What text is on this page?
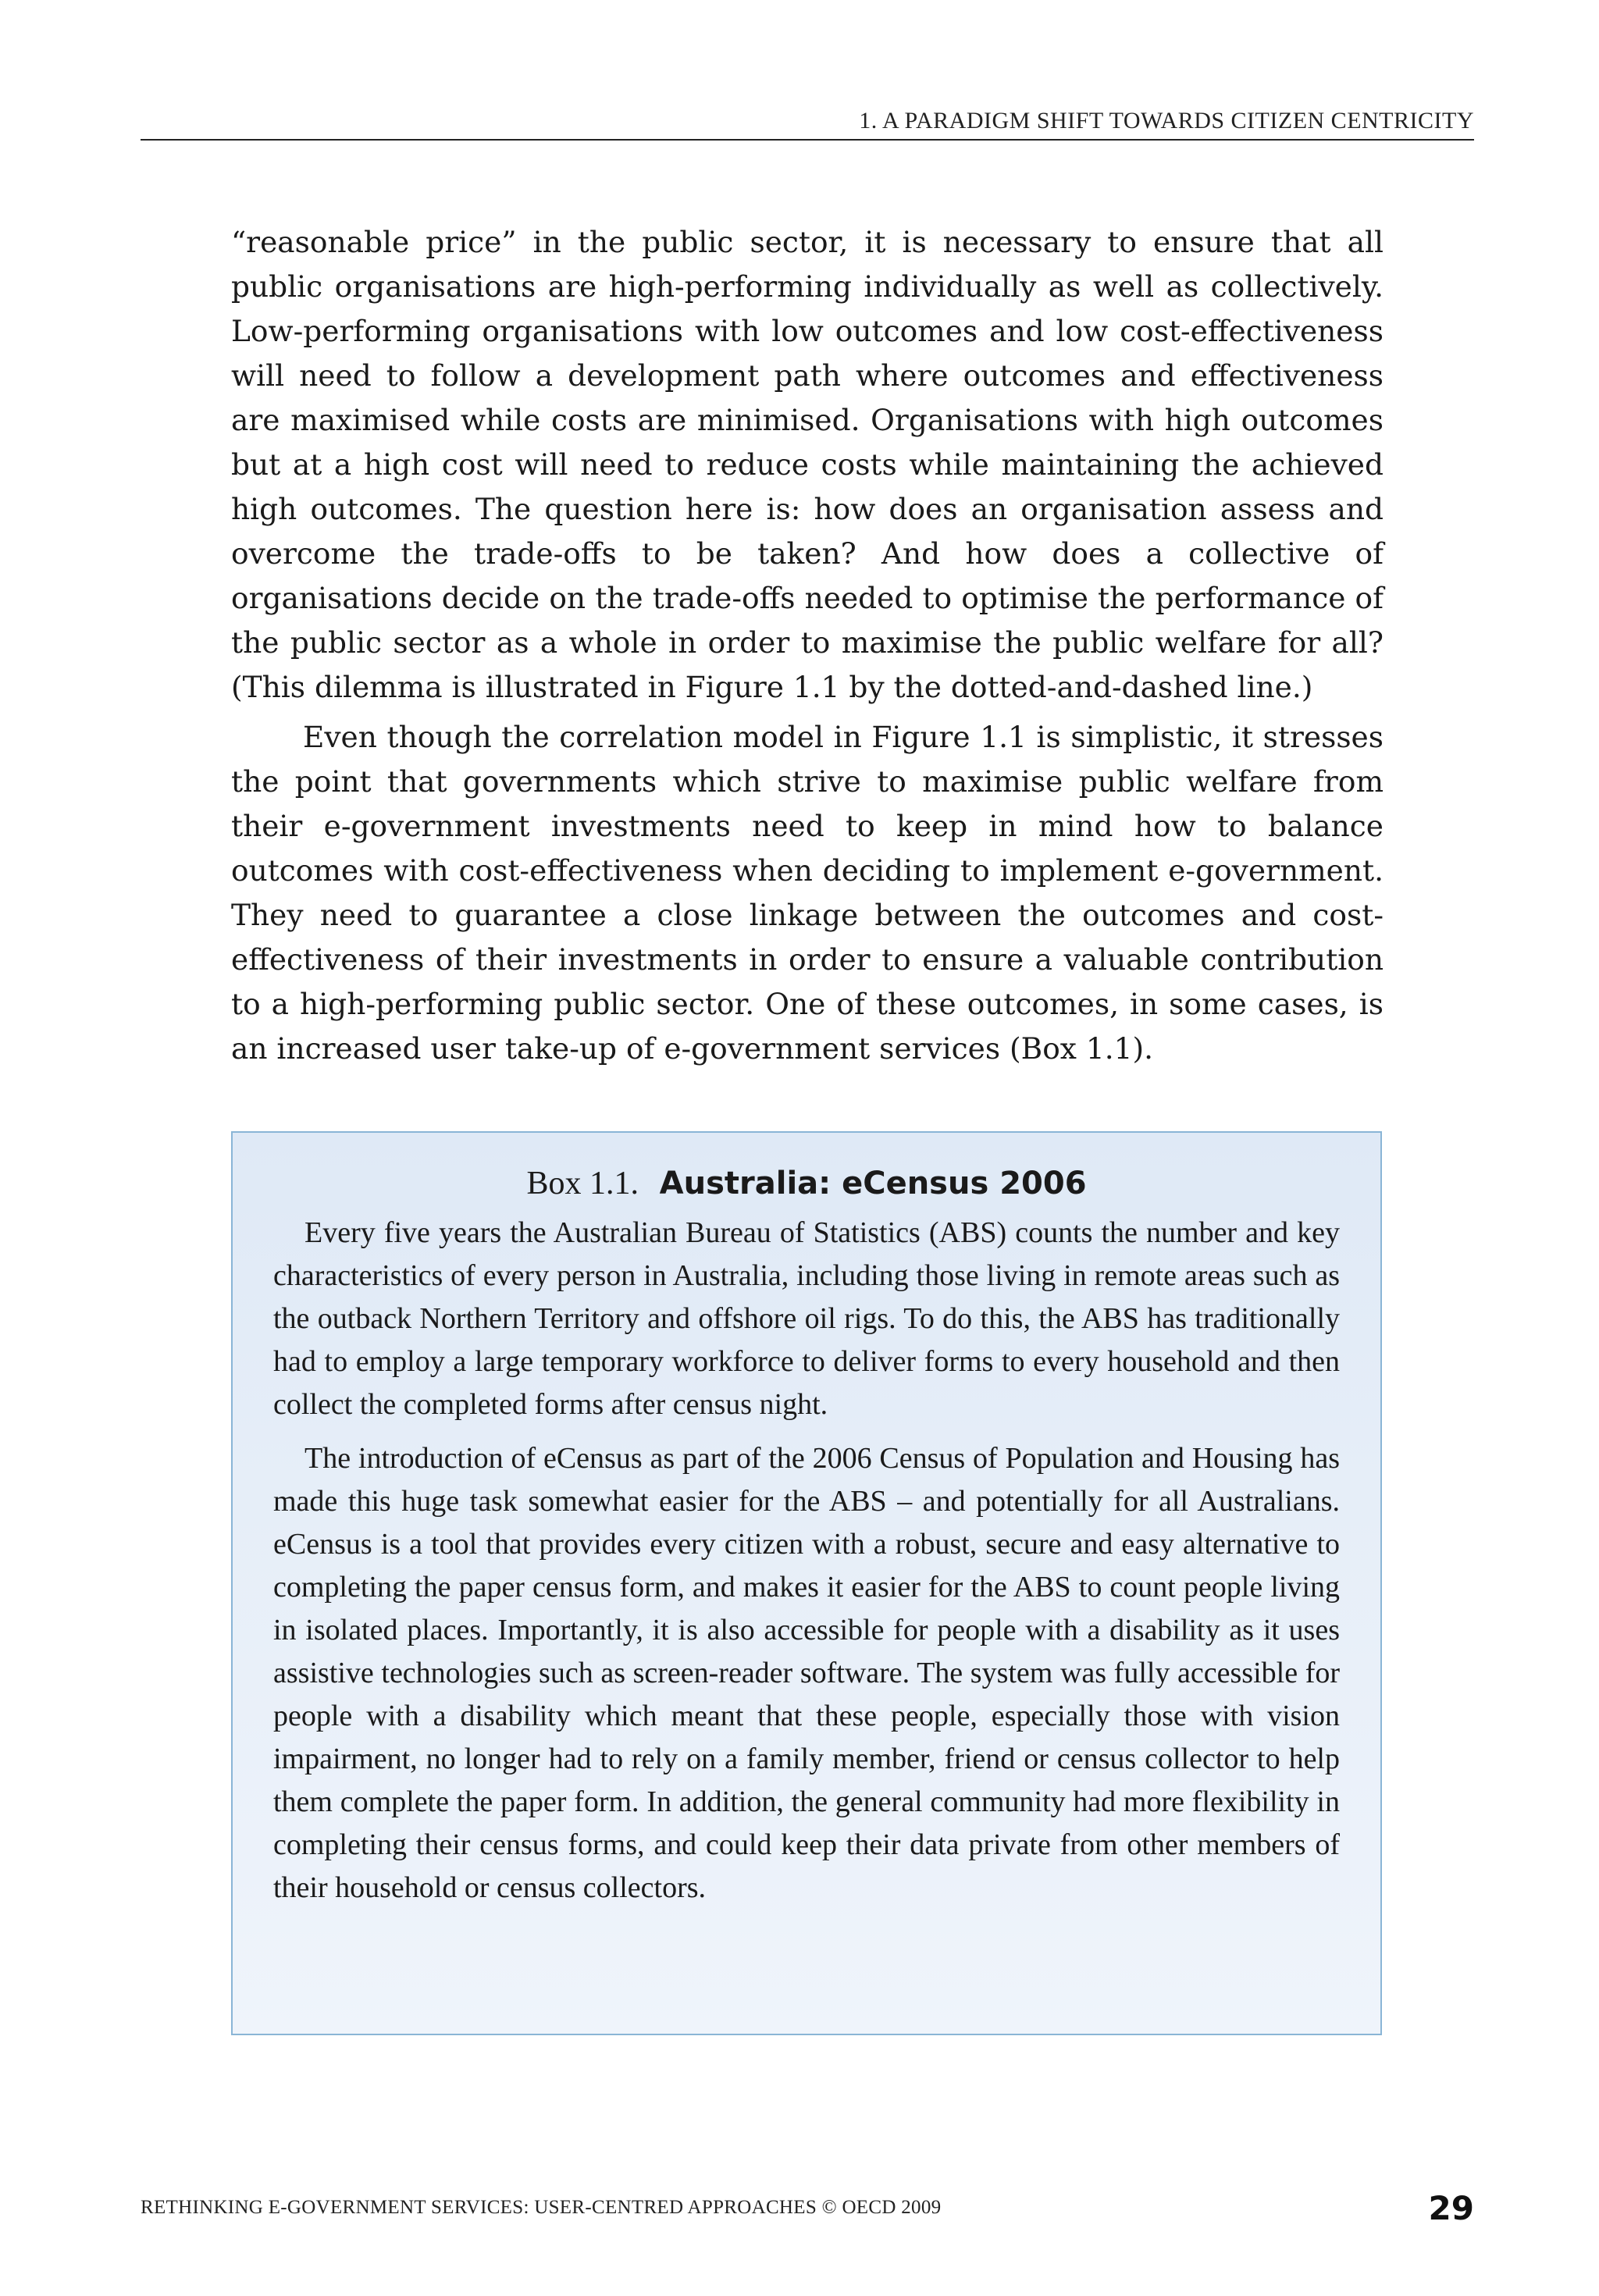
1. A PARADIGM SHIFT TOWARDS CITIZEN CENTRICITY

“reasonable price” in the public sector, it is necessary to ensure that all public organisations are high-performing individually as well as collectively. Low-performing organisations with low outcomes and low cost-effectiveness will need to follow a development path where outcomes and effectiveness are maximised while costs are minimised. Organisations with high outcomes but at a high cost will need to reduce costs while maintaining the achieved high outcomes. The question here is: how does an organisation assess and overcome the trade-offs to be taken? And how does a collective of organisations decide on the trade-offs needed to optimise the performance of the public sector as a whole in order to maximise the public welfare for all? (This dilemma is illustrated in Figure 1.1 by the dotted-and-dashed line.)

Even though the correlation model in Figure 1.1 is simplistic, it stresses the point that governments which strive to maximise public welfare from their e-government investments need to keep in mind how to balance outcomes with cost-effectiveness when deciding to implement e-government. They need to guarantee a close linkage between the outcomes and cost-effectiveness of their investments in order to ensure a valuable contribution to a high-performing public sector. One of these outcomes, in some cases, is an increased user take-up of e-government services (Box 1.1).

Box 1.1. Australia: eCensus 2006

Every five years the Australian Bureau of Statistics (ABS) counts the number and key characteristics of every person in Australia, including those living in remote areas such as the outback Northern Territory and offshore oil rigs. To do this, the ABS has traditionally had to employ a large temporary workforce to deliver forms to every household and then collect the completed forms after census night.

The introduction of eCensus as part of the 2006 Census of Population and Housing has made this huge task somewhat easier for the ABS – and potentially for all Australians. eCensus is a tool that provides every citizen with a robust, secure and easy alternative to completing the paper census form, and makes it easier for the ABS to count people living in isolated places. Importantly, it is also accessible for people with a disability as it uses assistive technologies such as screen-reader software. The system was fully accessible for people with a disability which meant that these people, especially those with vision impairment, no longer had to rely on a family member, friend or census collector to help them complete the paper form. In addition, the general community had more flexibility in completing their census forms, and could keep their data private from other members of their household or census collectors.

RETHINKING E-GOVERNMENT SERVICES: USER-CENTRED APPROACHES © OECD 2009	29
